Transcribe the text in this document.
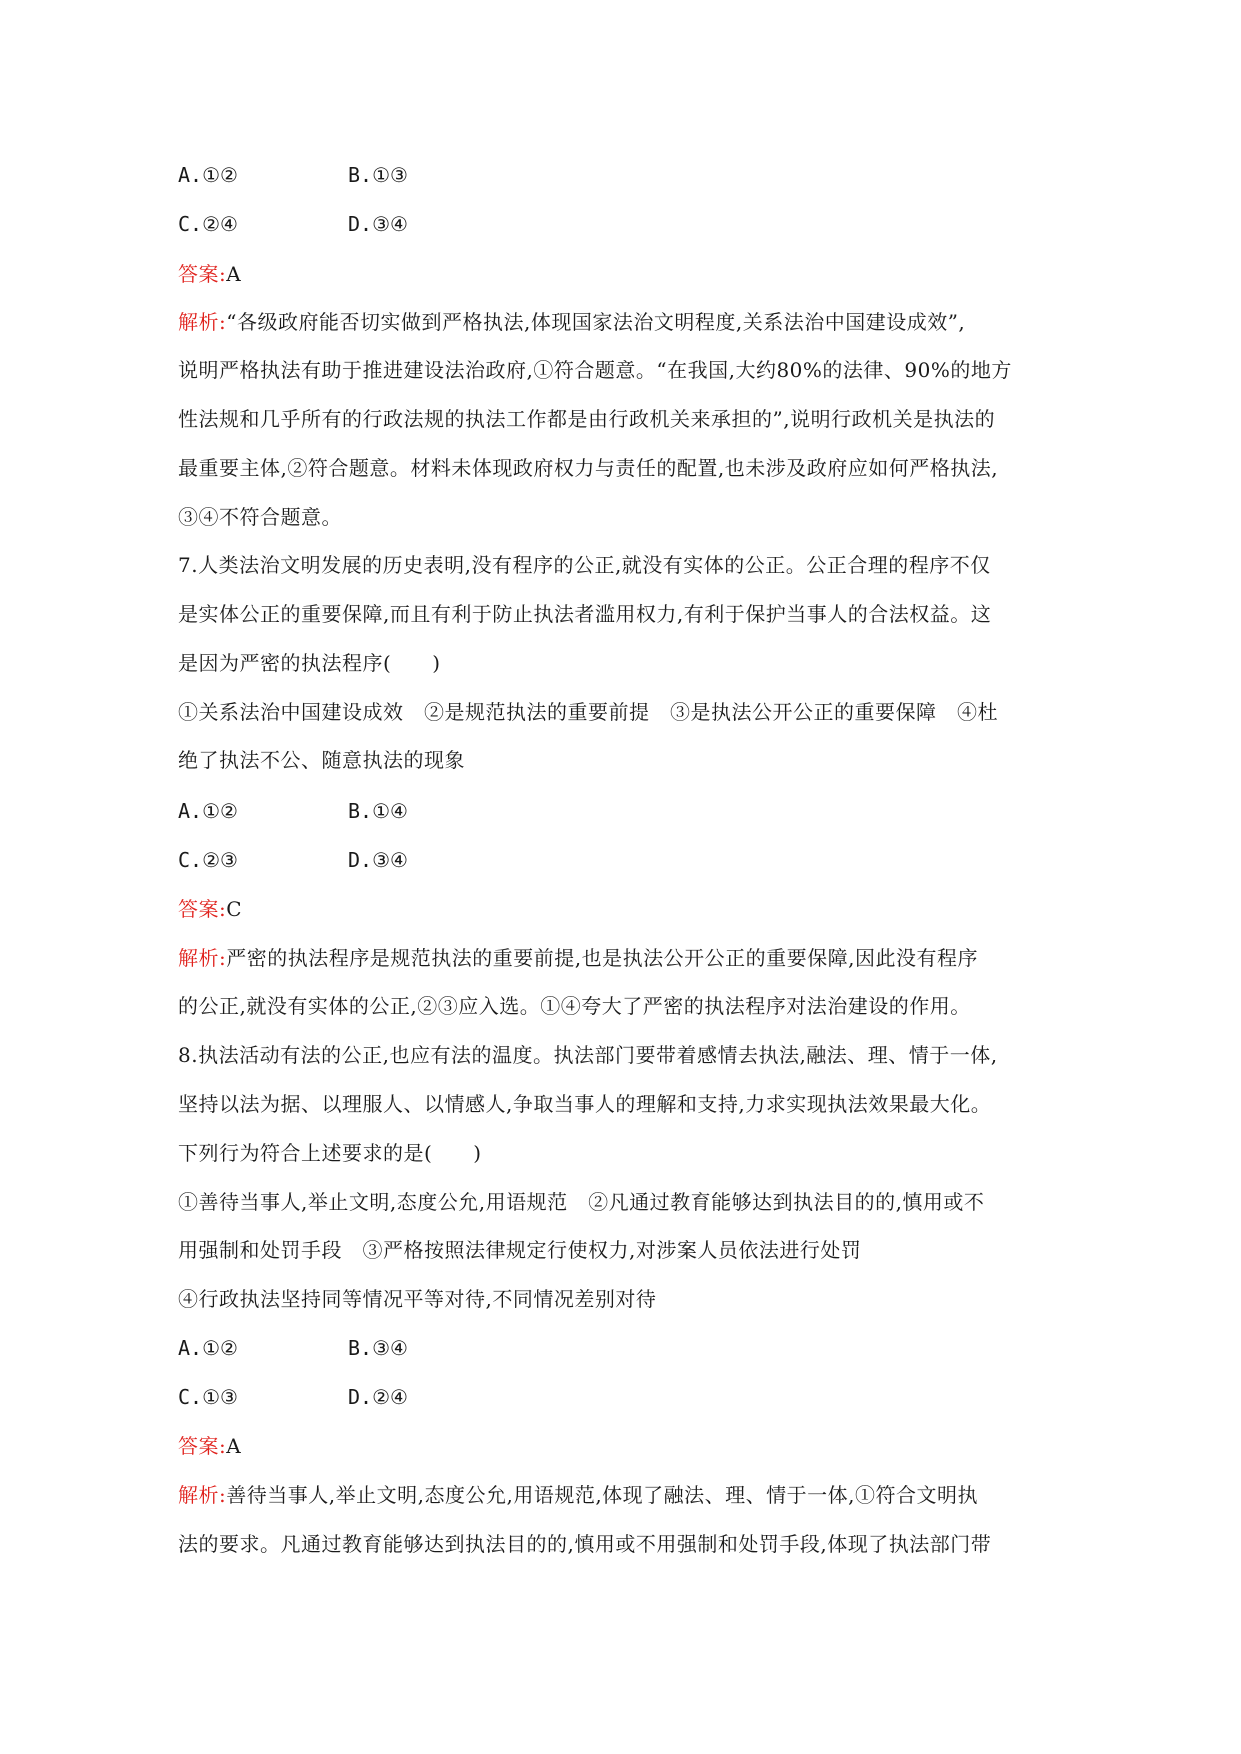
A.①②	B.①③
C.②④	D.③④
答案:A
解析:“各级政府能否切实做到严格执法,体现国家法治文明程度,关系法治中国建设成效”,
说明严格执法有助于推进建设法治政府,①符合题意。“在我国,大约80%的法律、90%的地方
性法规和几乎所有的行政法规的执法工作都是由行政机关来承担的”,说明行政机关是执法的
最重要主体,②符合题意。材料未体现政府权力与责任的配置,也未涉及政府应如何严格执法,
③④不符合题意。
7.人类法治文明发展的历史表明,没有程序的公正,就没有实体的公正。公正合理的程序不仅
是实体公正的重要保障,而且有利于防止执法者滥用权力,有利于保护当事人的合法权益。这
是因为严密的执法程序(　　)
①关系法治中国建设成效　②是规范执法的重要前提　③是执法公开公正的重要保障　④杜
绝了执法不公、随意执法的现象
A.①②	B.①④
C.②③	D.③④
答案:C
解析:严密的执法程序是规范执法的重要前提,也是执法公开公正的重要保障,因此没有程序
的公正,就没有实体的公正,②③应入选。①④夸大了严密的执法程序对法治建设的作用。
8.执法活动有法的公正,也应有法的温度。执法部门要带着感情去执法,融法、理、情于一体,
坚持以法为据、以理服人、以情感人,争取当事人的理解和支持,力求实现执法效果最大化。
下列行为符合上述要求的是(　　)
①善待当事人,举止文明,态度公允,用语规范　②凡通过教育能够达到执法目的的,慎用或不
用强制和处罚手段　③严格按照法律规定行使权力,对涉案人员依法进行处罚
④行政执法坚持同等情况平等对待,不同情况差别对待
A.①②	B.③④
C.①③	D.②④
答案:A
解析:善待当事人,举止文明,态度公允,用语规范,体现了融法、理、情于一体,①符合文明执
法的要求。凡通过教育能够达到执法目的的,慎用或不用强制和处罚手段,体现了执法部门带
